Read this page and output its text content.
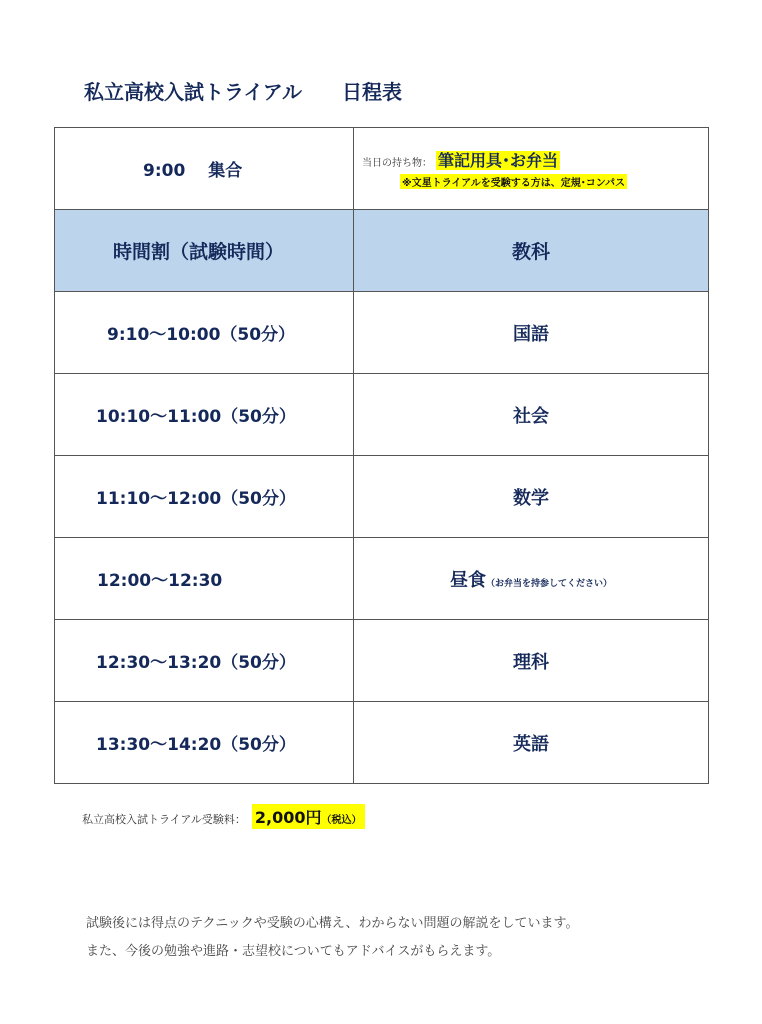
私立高校入試トライアル 日程表
9:00　 集合	当日の持ち物： 筆記用具･お弁当
※文星トライアルを受験する方は、定規･コンパス

時間割（試験時間）	教科

9:10～10:00（50分）	国語

10:10～11:00（50分）	社会

11:10～12:00（50分）	数学

12:00～12:30	昼食（お弁当を持参してください）

12:30～13:20（50分）	理科

13:30～14:20（50分）	英語
私立高校入試トライアル受験料： 2,000円（税込）

試験後には得点のテクニックや受験の心構え、わからない問題の解説をしています。

また、今後の勉強や進路・志望校についてもアドバイスがもらえます。
